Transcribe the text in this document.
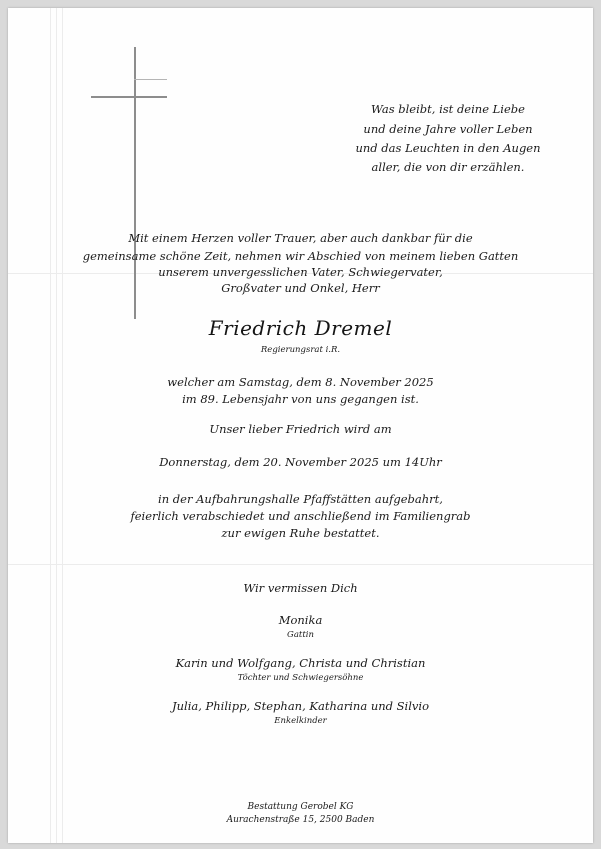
Was bleibt, ist deine Liebe
und deine Jahre voller Leben
und das Leuchten in den Augen
aller, die von dir erzählen.
Mit einem Herzen voller Trauer, aber auch dankbar für die
gemeinsame schöne Zeit, nehmen wir Abschied von meinem lieben Gatten
unserem unvergesslichen Vater, Schwiegervater,
Großvater und Onkel, Herr
Friedrich Dremel
Regierungsrat i.R.
welcher am Samstag, dem 8. November 2025
im 89. Lebensjahr von uns gegangen ist.
Unser lieber Friedrich wird am
Donnerstag, dem 20. November 2025 um 14Uhr
in der Aufbahrungshalle Pfaffstätten aufgebahrt,
feierlich verabschiedet und anschließend im Familiengrab
zur ewigen Ruhe bestattet.
Wir vermissen Dich
Monika
Gattin
Karin und Wolfgang, Christa und Christian
Töchter und Schwiegersöhne
Julia, Philipp, Stephan, Katharina und Silvio
Enkelkinder
Bestattung Gerobel KG
Aurachenstraße 15, 2500 Baden
